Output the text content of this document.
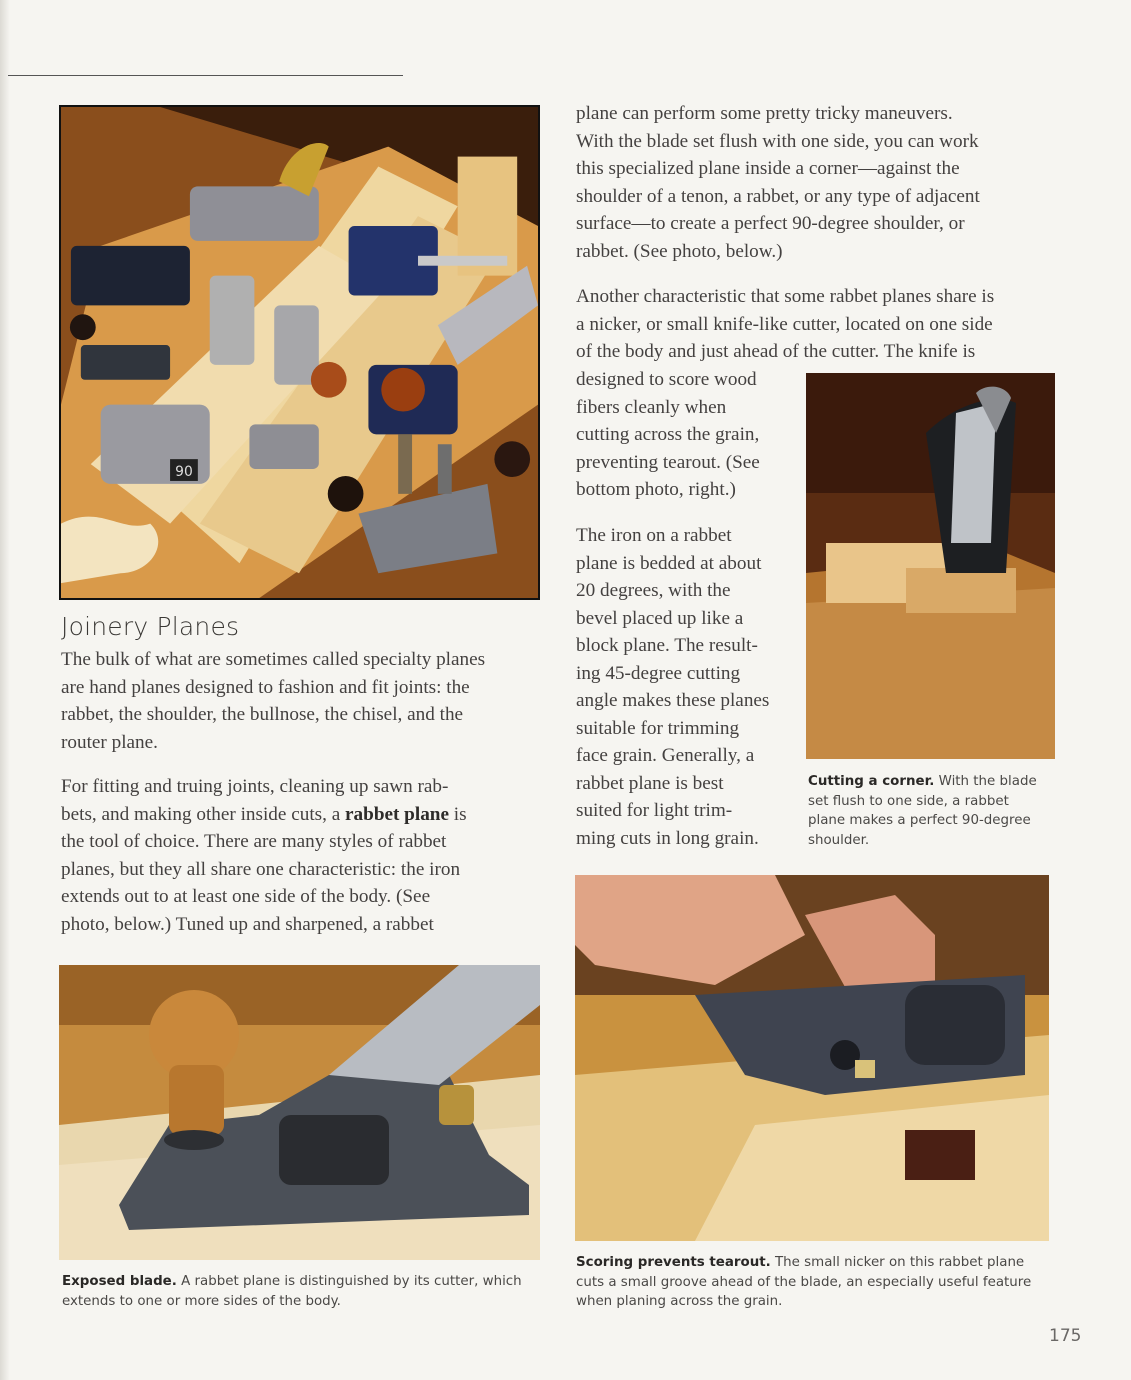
90
Joinery Planes
The bulk of what are sometimes called specialty planes
are hand planes designed to fashion and fit joints: the
rabbet, the shoulder, the bullnose, the chisel, and the
router plane.
For fitting and truing joints, cleaning up sawn rab-
bets, and making other inside cuts, a rabbet plane is
the tool of choice. There are many styles of rabbet
planes, but they all share one characteristic: the iron
extends out to at least one side of the body. (See
photo, below.) Tuned up and sharpened, a rabbet
plane can perform some pretty tricky maneuvers.
With the blade set flush with one side, you can work
this specialized plane inside a corner—against the
shoulder of a tenon, a rabbet, or any type of adjacent
surface—to create a perfect 90-degree shoulder, or
rabbet. (See photo, below.)
Another characteristic that some rabbet planes share is
a nicker, or small knife-like cutter, located on one side
of the body and just ahead of the cutter. The knife is
designed to score wood
fibers cleanly when
cutting across the grain,
preventing tearout. (See
bottom photo, right.)
The iron on a rabbet
plane is bedded at about
20 degrees, with the
bevel placed up like a
block plane. The result-
ing 45-degree cutting
angle makes these planes
suitable for trimming
face grain. Generally, a
rabbet plane is best
suited for light trim-
ming cuts in long grain.
Cutting a corner. With the blade set flush to one side, a rabbet plane makes a perfect 90-degree shoulder.
Exposed blade. A rabbet plane is distinguished by its cutter, which extends to one or more sides of the body.
Scoring prevents tearout. The small nicker on this rabbet plane cuts a small groove ahead of the blade, an especially useful feature when planing across the grain.
175
